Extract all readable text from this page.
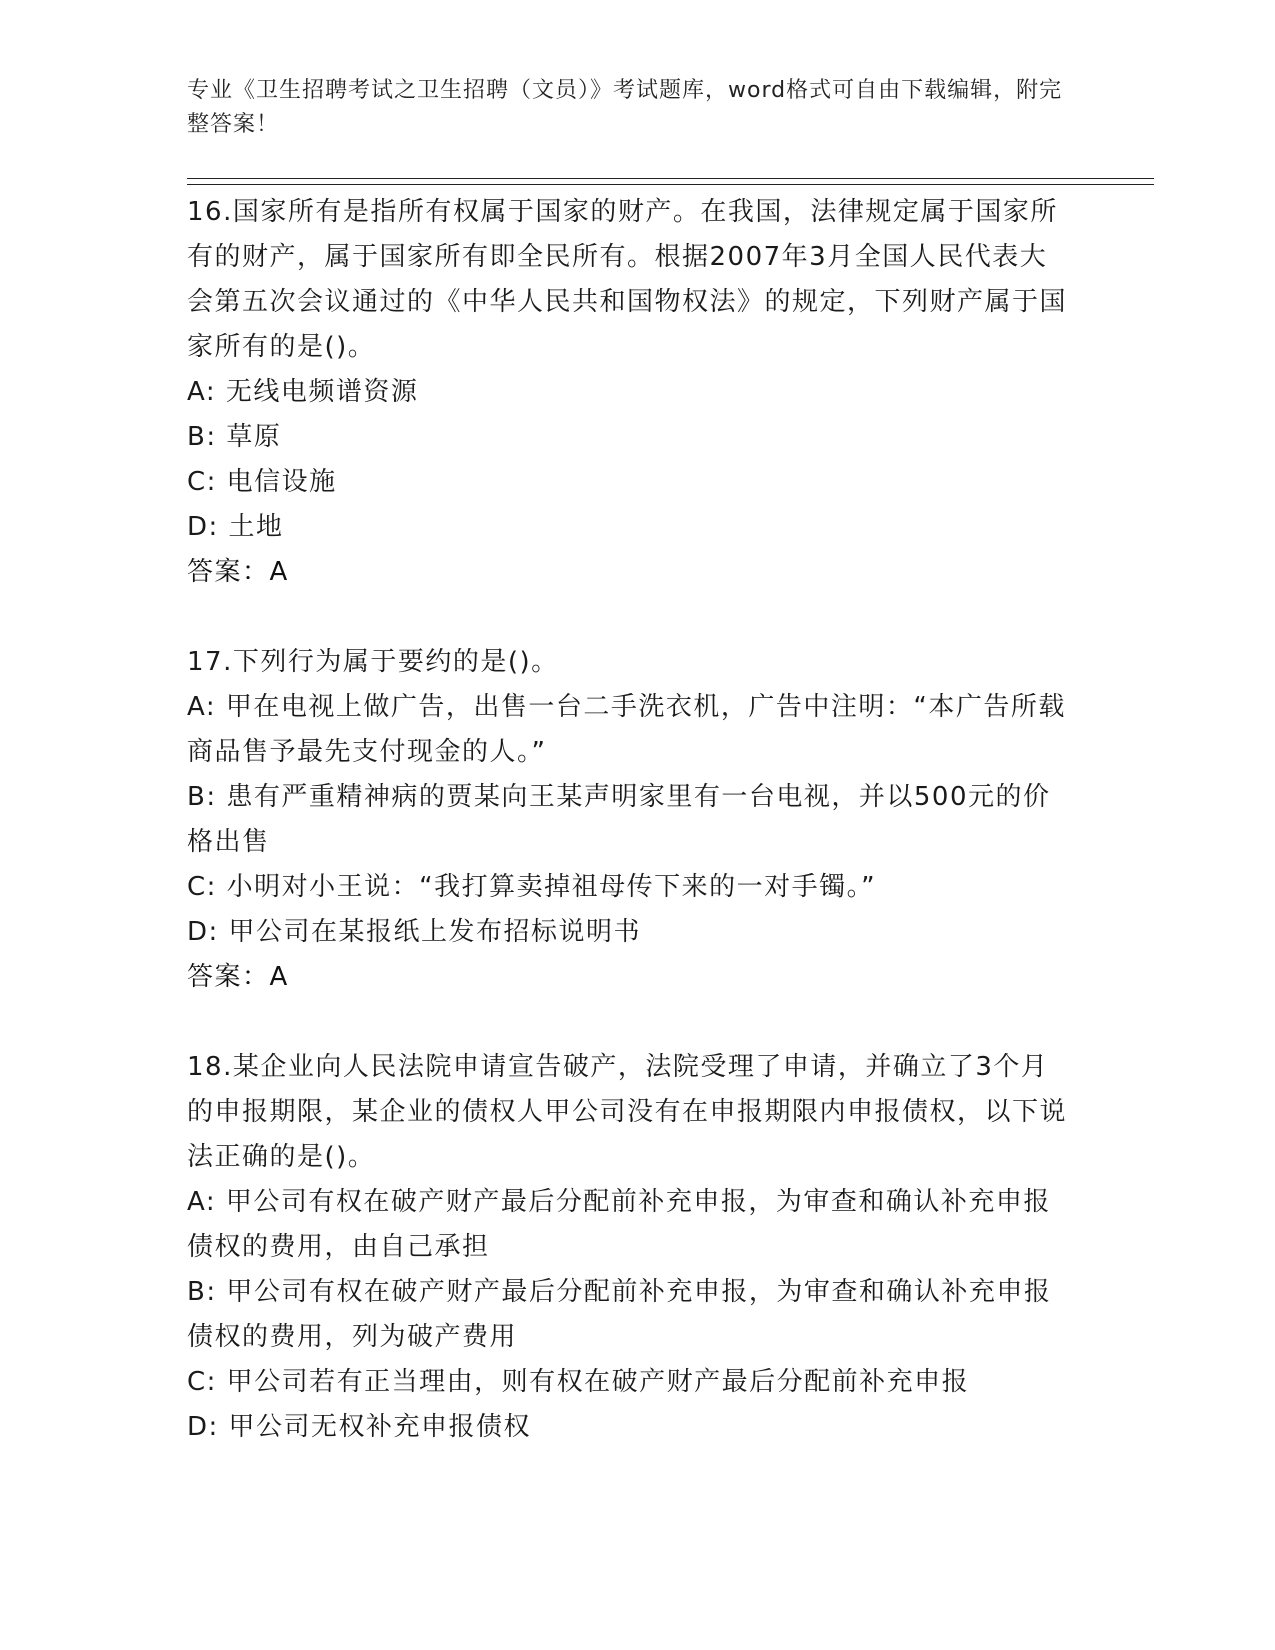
专业《卫生招聘考试之卫生招聘（文员）》考试题库，word格式可自由下载编辑，附完整答案！

16.国家所有是指所有权属于国家的财产。在我国，法律规定属于国家所有的财产，属于国家所有即全民所有。根据2007年3月全国人民代表大会第五次会议通过的《中华人民共和国物权法》的规定，下列财产属于国家所有的是()。

A: 无线电频谱资源

B: 草原

C: 电信设施

D: 土地

答案：A

17.下列行为属于要约的是()。

A: 甲在电视上做广告，出售一台二手洗衣机，广告中注明：“本广告所载商品售予最先支付现金的人。”

B: 患有严重精神病的贾某向王某声明家里有一台电视，并以500元的价格出售

C: 小明对小王说：“我打算卖掉祖母传下来的一对手镯。”

D: 甲公司在某报纸上发布招标说明书

答案：A

18.某企业向人民法院申请宣告破产，法院受理了申请，并确立了3个月的申报期限，某企业的债权人甲公司没有在申报期限内申报债权，以下说法正确的是()。

A: 甲公司有权在破产财产最后分配前补充申报，为审查和确认补充申报债权的费用，由自己承担

B: 甲公司有权在破产财产最后分配前补充申报，为审查和确认补充申报债权的费用，列为破产费用

C: 甲公司若有正当理由，则有权在破产财产最后分配前补充申报

D: 甲公司无权补充申报债权
